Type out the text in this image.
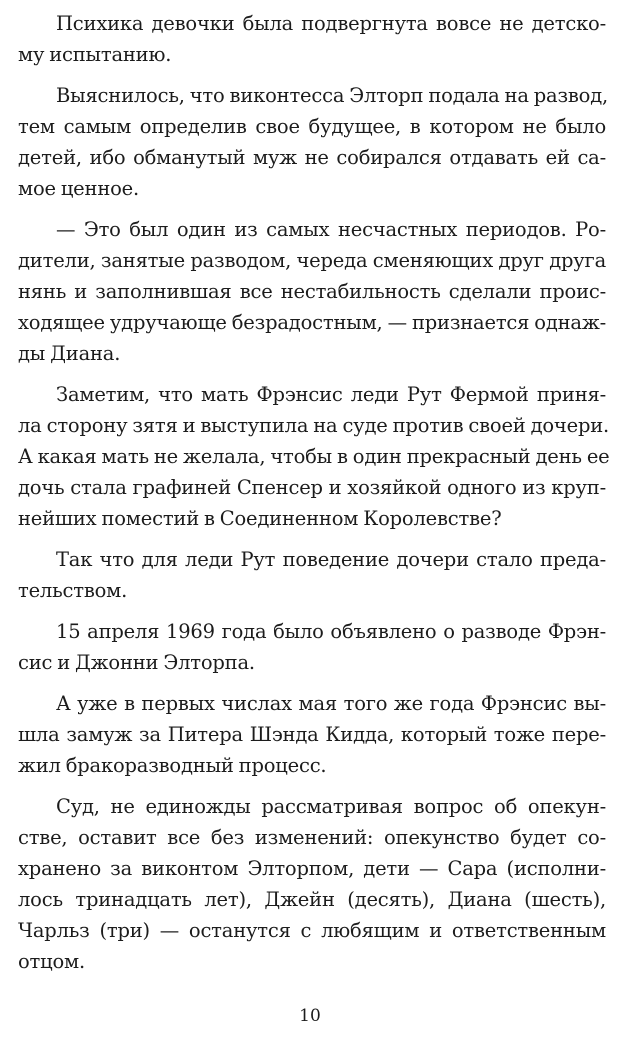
Психика девочки была подвергнута вовсе не детско-
му испытанию.

Выяснилось, что виконтесса Элторп подала на развод,
тем самым определив свое будущее, в котором не было
детей, ибо обманутый муж не собирался отдавать ей са-
мое ценное.

— Это был один из самых несчастных периодов. Ро-
дители, занятые разводом, череда сменяющих друг друга
нянь и заполнившая все нестабильность сделали проис-
ходящее удручающе безрадостным, — признается однаж-
ды Диана.

Заметим, что мать Фрэнсис леди Рут Фермой приня-
ла сторону зятя и выступила на суде против своей дочери.
А какая мать не желала, чтобы в один прекрасный день ее
дочь стала графиней Спенсер и хозяйкой одного из круп-
нейших поместий в Соединенном Королевстве?

Так что для леди Рут поведение дочери стало преда-
тельством.

15 апреля 1969 года было объявлено о разводе Фрэн-
сис и Джонни Элторпа.

А уже в первых числах мая того же года Фрэнсис вы-
шла замуж за Питера Шэнда Кидда, который тоже пере-
жил бракоразводный процесс.

Суд, не единожды рассматривая вопрос об опекун-
стве, оставит все без изменений: опекунство будет со-
хранено за виконтом Элторпом, дети — Сара (исполни-
лось тринадцать лет), Джейн (десять), Диана (шесть),
Чарльз (три) — останутся с любящим и ответственным
отцом.

10
